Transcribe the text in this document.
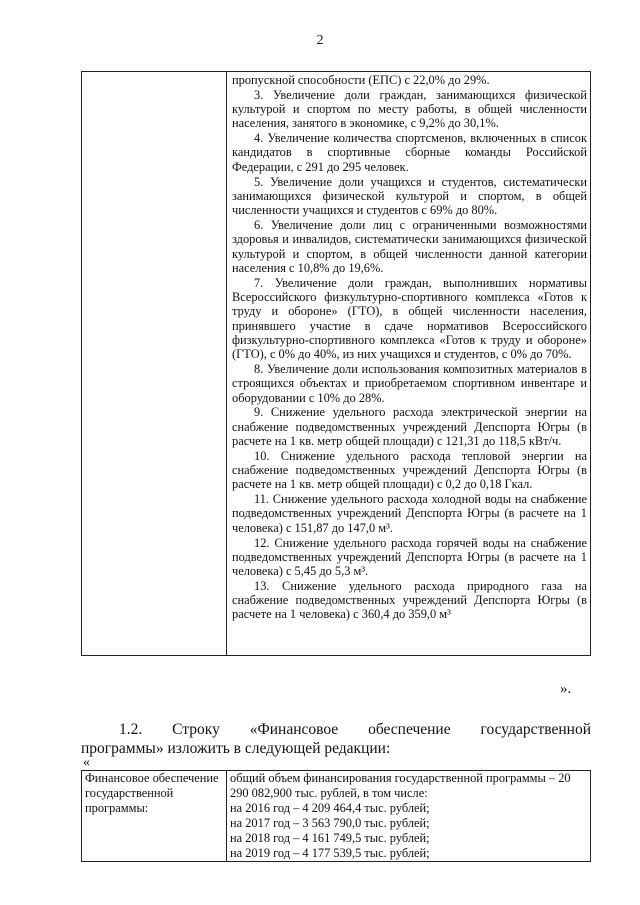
2

пропускной способности (ЕПС) с 22,0% до 29%.

3. Увеличение доли граждан, занимающихся физической культурой и спортом по месту работы, в общей численности населения, занятого в экономике, с 9,2% до 30,1%.

4. Увеличение количества спортсменов, включенных в список кандидатов в спортивные сборные команды Российской Федерации, с 291 до 295 человек.

5. Увеличение доли учащихся и студентов, систематически занимающихся физической культурой и спортом, в общей численности учащихся и студентов с 69% до 80%.

6. Увеличение доли лиц с ограниченными возможностями здоровья и инвалидов, систематически занимающихся физической культурой и спортом, в общей численности данной категории населения с 10,8% до 19,6%.

7. Увеличение доли граждан, выполнивших нормативы Всероссийского физкультурно-спортивного комплекса «Готов к труду и обороне» (ГТО), в общей численности населения, принявшего участие в сдаче нормативов Всероссийского физкультурно-спортивного комплекса «Готов к труду и обороне» (ГТО), с 0% до 40%, из них учащихся и студентов, с 0% до 70%.

8. Увеличение доли использования композитных материалов в строящихся объектах и приобретаемом спортивном инвентаре и оборудовании с 10% до 28%.

9. Снижение удельного расхода электрической энергии на снабжение подведомственных учреждений Депспорта Югры (в расчете на 1 кв. метр общей площади) с 121,31 до 118,5 кВт/ч.

10. Снижение удельного расхода тепловой энергии на снабжение подведомственных учреждений Депспорта Югры (в расчете на 1 кв. метр общей площади) с 0,2 до 0,18 Гкал.

11. Снижение удельного расхода холодной воды на снабжение подведомственных учреждений Депспорта Югры (в расчете на 1 человека) с 151,87 до 147,0 м³.

12. Снижение удельного расхода горячей воды на снабжение подведомственных учреждений Депспорта Югры (в расчете на 1 человека) с 5,45 до 5,3 м³.

13. Снижение удельного расхода природного газа на снабжение подведомственных учреждений Депспорта Югры (в расчете на 1 человека) с 360,4 до 359,0 м³

».
1.2. Строку «Финансовое обеспечение государственной
программы» изложить в следующей редакции:
«
Финансовое обеспечение государственной программы:	
общий объем финансирования государственной программы – 20 290 082,900 тыс. рублей, в том числе:
на 2016 год – 4 209 464,4 тыс. рублей;
на 2017 год – 3 563 790,0 тыс. рублей;
на 2018 год – 4 161 749,5 тыс. рублей;
на 2019 год – 4 177 539,5 тыс. рублей;
